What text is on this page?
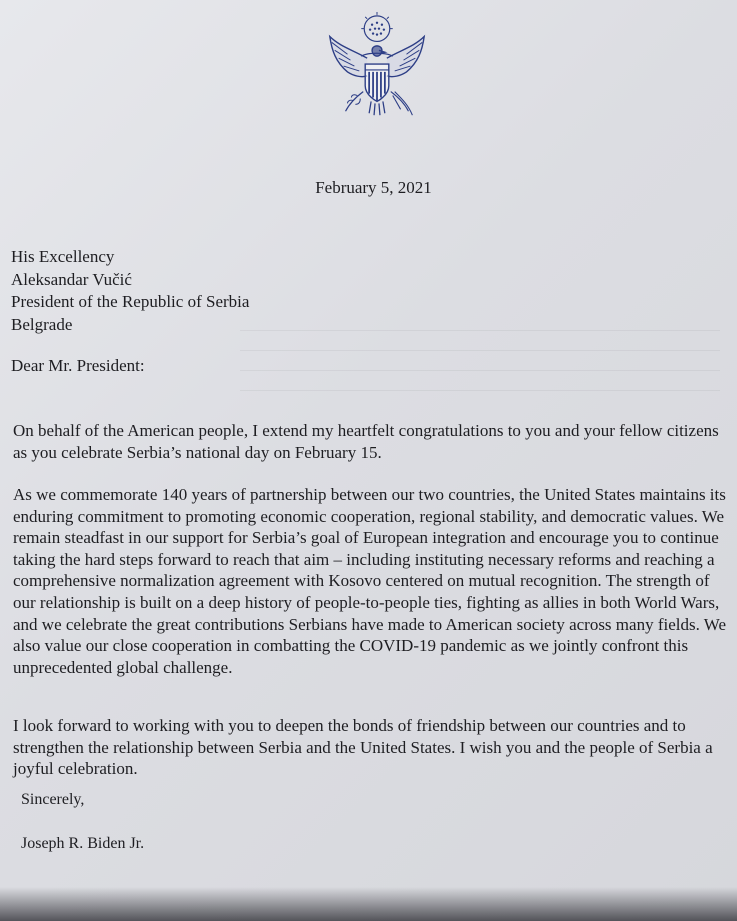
February 5, 2021
His Excellency
Aleksandar Vučić
President of the Republic of Serbia
Belgrade
Dear Mr. President:

On behalf of the American people, I extend my heartfelt congratulations to you and your fellow citizens as you celebrate Serbia’s national day on February 15.

As we commemorate 140 years of partnership between our two countries, the United States maintains its enduring commitment to promoting economic cooperation, regional stability, and democratic values. We remain steadfast in our support for Serbia’s goal of European integration and encourage you to continue taking the hard steps forward to reach that aim – including instituting necessary reforms and reaching a comprehensive normalization agreement with Kosovo centered on mutual recognition. The strength of our relationship is built on a deep history of people-to-people ties, fighting as allies in both World Wars, and we celebrate the great contributions Serbians have made to American society across many fields. We also value our close cooperation in combatting the COVID-19 pandemic as we jointly confront this unprecedented global challenge.

I look forward to working with you to deepen the bonds of friendship between our countries and to strengthen the relationship between Serbia and the United States. I wish you and the people of Serbia a joyful celebration.

Sincerely,
Joseph R. Biden Jr.
